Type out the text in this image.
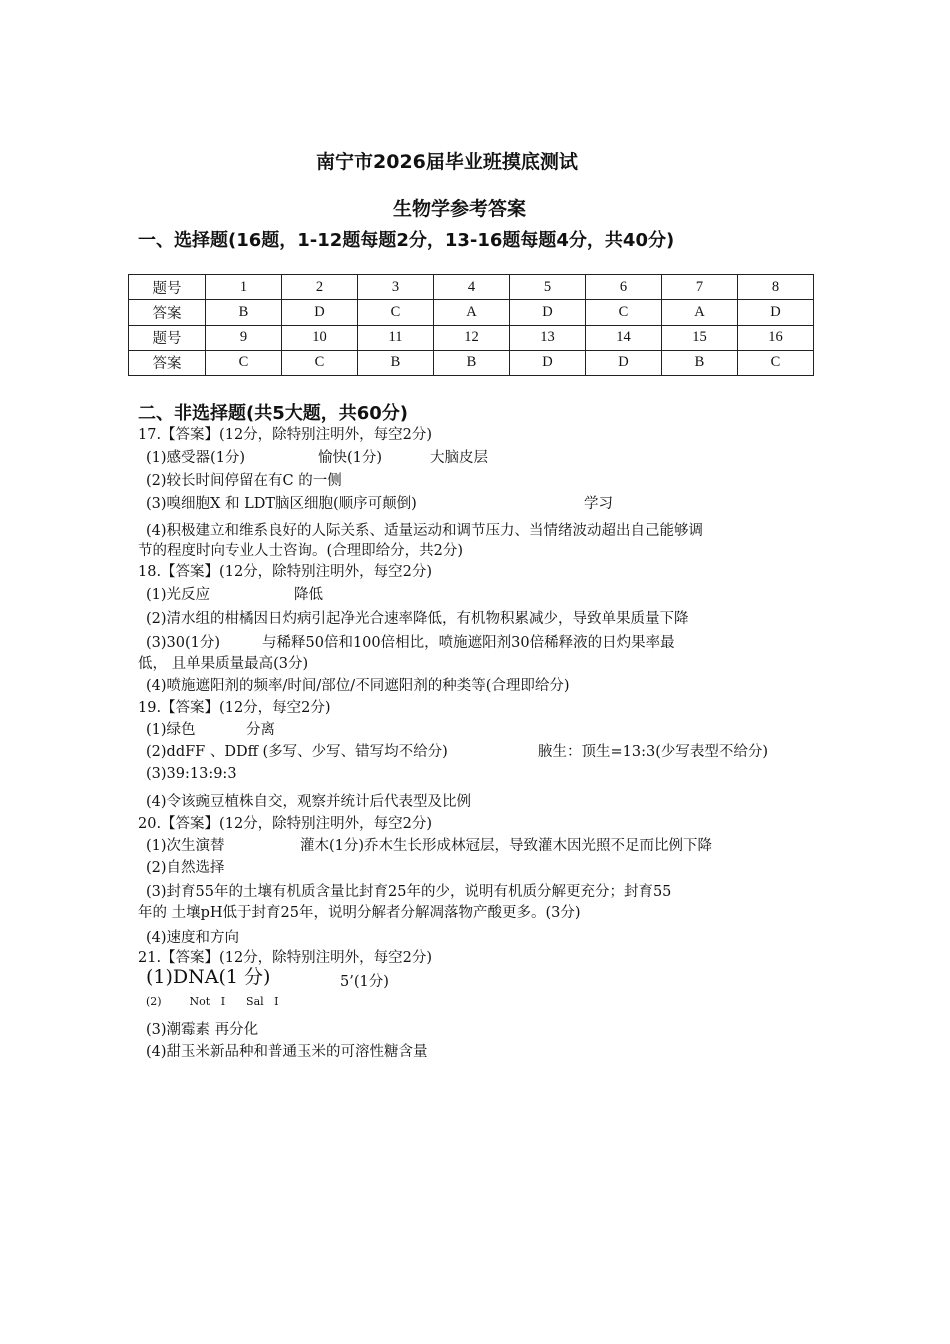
南宁市2026届毕业班摸底测试
生物学参考答案
一、选择题(16题，1-12题每题2分，13-16题每题4分，共40分)
题号	1	2	3	4	5	6	7	8
答案	B	D	C	A	D	C	A	D
题号	9	10	11	12	13	14	15	16
答案	C	C	B	B	D	D	B	C
二、非选择题(共5大题，共60分)
17.【答案】(12分，除特别注明外，每空2分)
(1)感受器(1分)	愉快(1分)	大脑皮层
(2)较长时间停留在有C 的一侧
(3)嗅细胞X 和 LDT脑区细胞(顺序可颠倒)	学习
(4)积极建立和维系良好的人际关系、适量运动和调节压力、当情绪波动超出自己能够调
节的程度时向专业人士咨询。(合理即给分，共2分)
18.【答案】(12分，除特别注明外，每空2分)
(1)光反应	降低
(2)清水组的柑橘因日灼病引起净光合速率降低，有机物积累减少，导致单果质量下降
(3)30(1分)	与稀释50倍和100倍相比，喷施遮阳剂30倍稀释液的日灼果率最
低， 且单果质量最高(3分)
(4)喷施遮阳剂的频率/时间/部位/不同遮阳剂的种类等(合理即给分)
19.【答案】(12分，每空2分)
(1)绿色	分离
(2)ddFF 、DDff (多写、少写、错写均不给分)	腋生：顶生=13:3(少写表型不给分)
(3)39:13:9:3
(4)令该豌豆植株自交，观察并统计后代表型及比例
20.【答案】(12分，除特别注明外，每空2分)
(1)次生演替	灌木(1分)乔木生长形成林冠层，导致灌木因光照不足而比例下降
(2)自然选择
(3)封育55年的土壤有机质含量比封育25年的少，说明有机质分解更充分；封育55
年的 土壤pH低于封育25年，说明分解者分解凋落物产酸更多。(3分)
(4)速度和方向
21.【答案】(12分，除特别注明外，每空2分)
(1)DNA(1 分)	5’(1分)
(2)        Not   I      Sal   I
(3)潮霉素 再分化
(4)甜玉米新品种和普通玉米的可溶性糖含量
